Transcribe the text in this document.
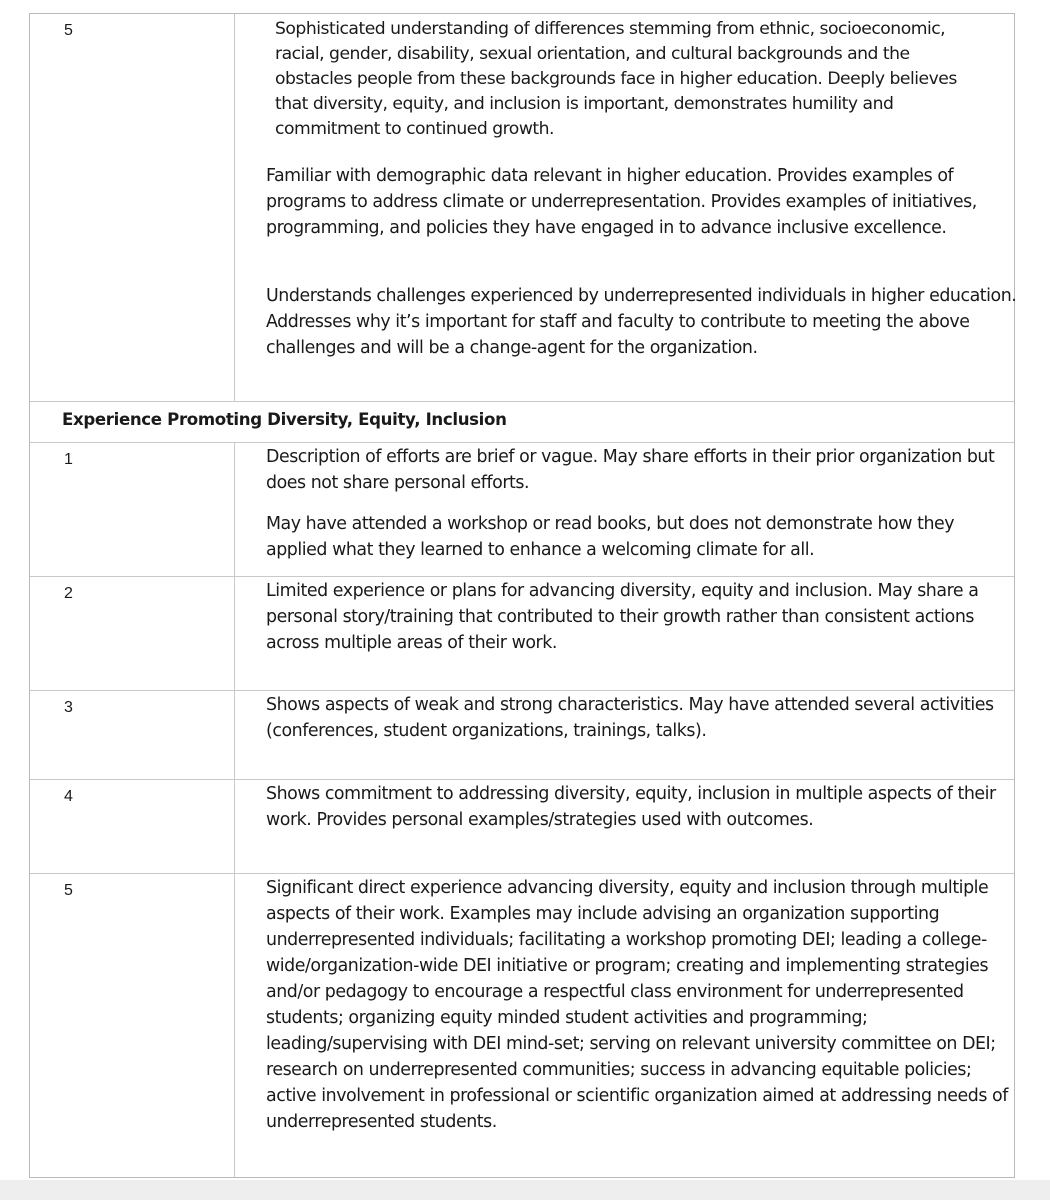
5	Sophisticated understanding of differences stemming from ethnic, socioeconomic, racial, gender, disability, sexual orientation, and cultural backgrounds and the obstacles people from these backgrounds face in higher education. Deeply believes that diversity, equity, and inclusion is important, demonstrates humility and commitment to continued growth.

Familiar with demographic data relevant in higher education. Provides examples of programs to address climate or underrepresentation. Provides examples of initiatives, programming, and policies they have engaged in to advance inclusive excellence.

Understands challenges experienced by underrepresented individuals in higher education. Addresses why it’s important for staff and faculty to contribute to meeting the above challenges and will be a change-agent for the organization.

Experience Promoting Diversity, Equity, Inclusion
1	Description of efforts are brief or vague. May share efforts in their prior organization but does not share personal efforts.

May have attended a workshop or read books, but does not demonstrate how they applied what they learned to enhance a welcoming climate for all.

2	Limited experience or plans for advancing diversity, equity and inclusion. May share a personal story/training that contributed to their growth rather than consistent actions across multiple areas of their work.

3	Shows aspects of weak and strong characteristics. May have attended several activities (conferences, student organizations, trainings, talks).

4	Shows commitment to addressing diversity, equity, inclusion in multiple aspects of their work. Provides personal examples/strategies used with outcomes.

5	Significant direct experience advancing diversity, equity and inclusion through multiple aspects of their work. Examples may include advising an organization supporting underrepresented individuals; facilitating a workshop promoting DEI; leading a college-wide/organization-wide DEI initiative or program; creating and implementing strategies and/or pedagogy to encourage a respectful class environment for underrepresented students; organizing equity minded student activities and programming; leading/supervising with DEI mind-set; serving on relevant university committee on DEI; research on underrepresented communities; success in advancing equitable policies; active involvement in professional or scientific organization aimed at addressing needs of underrepresented students.
